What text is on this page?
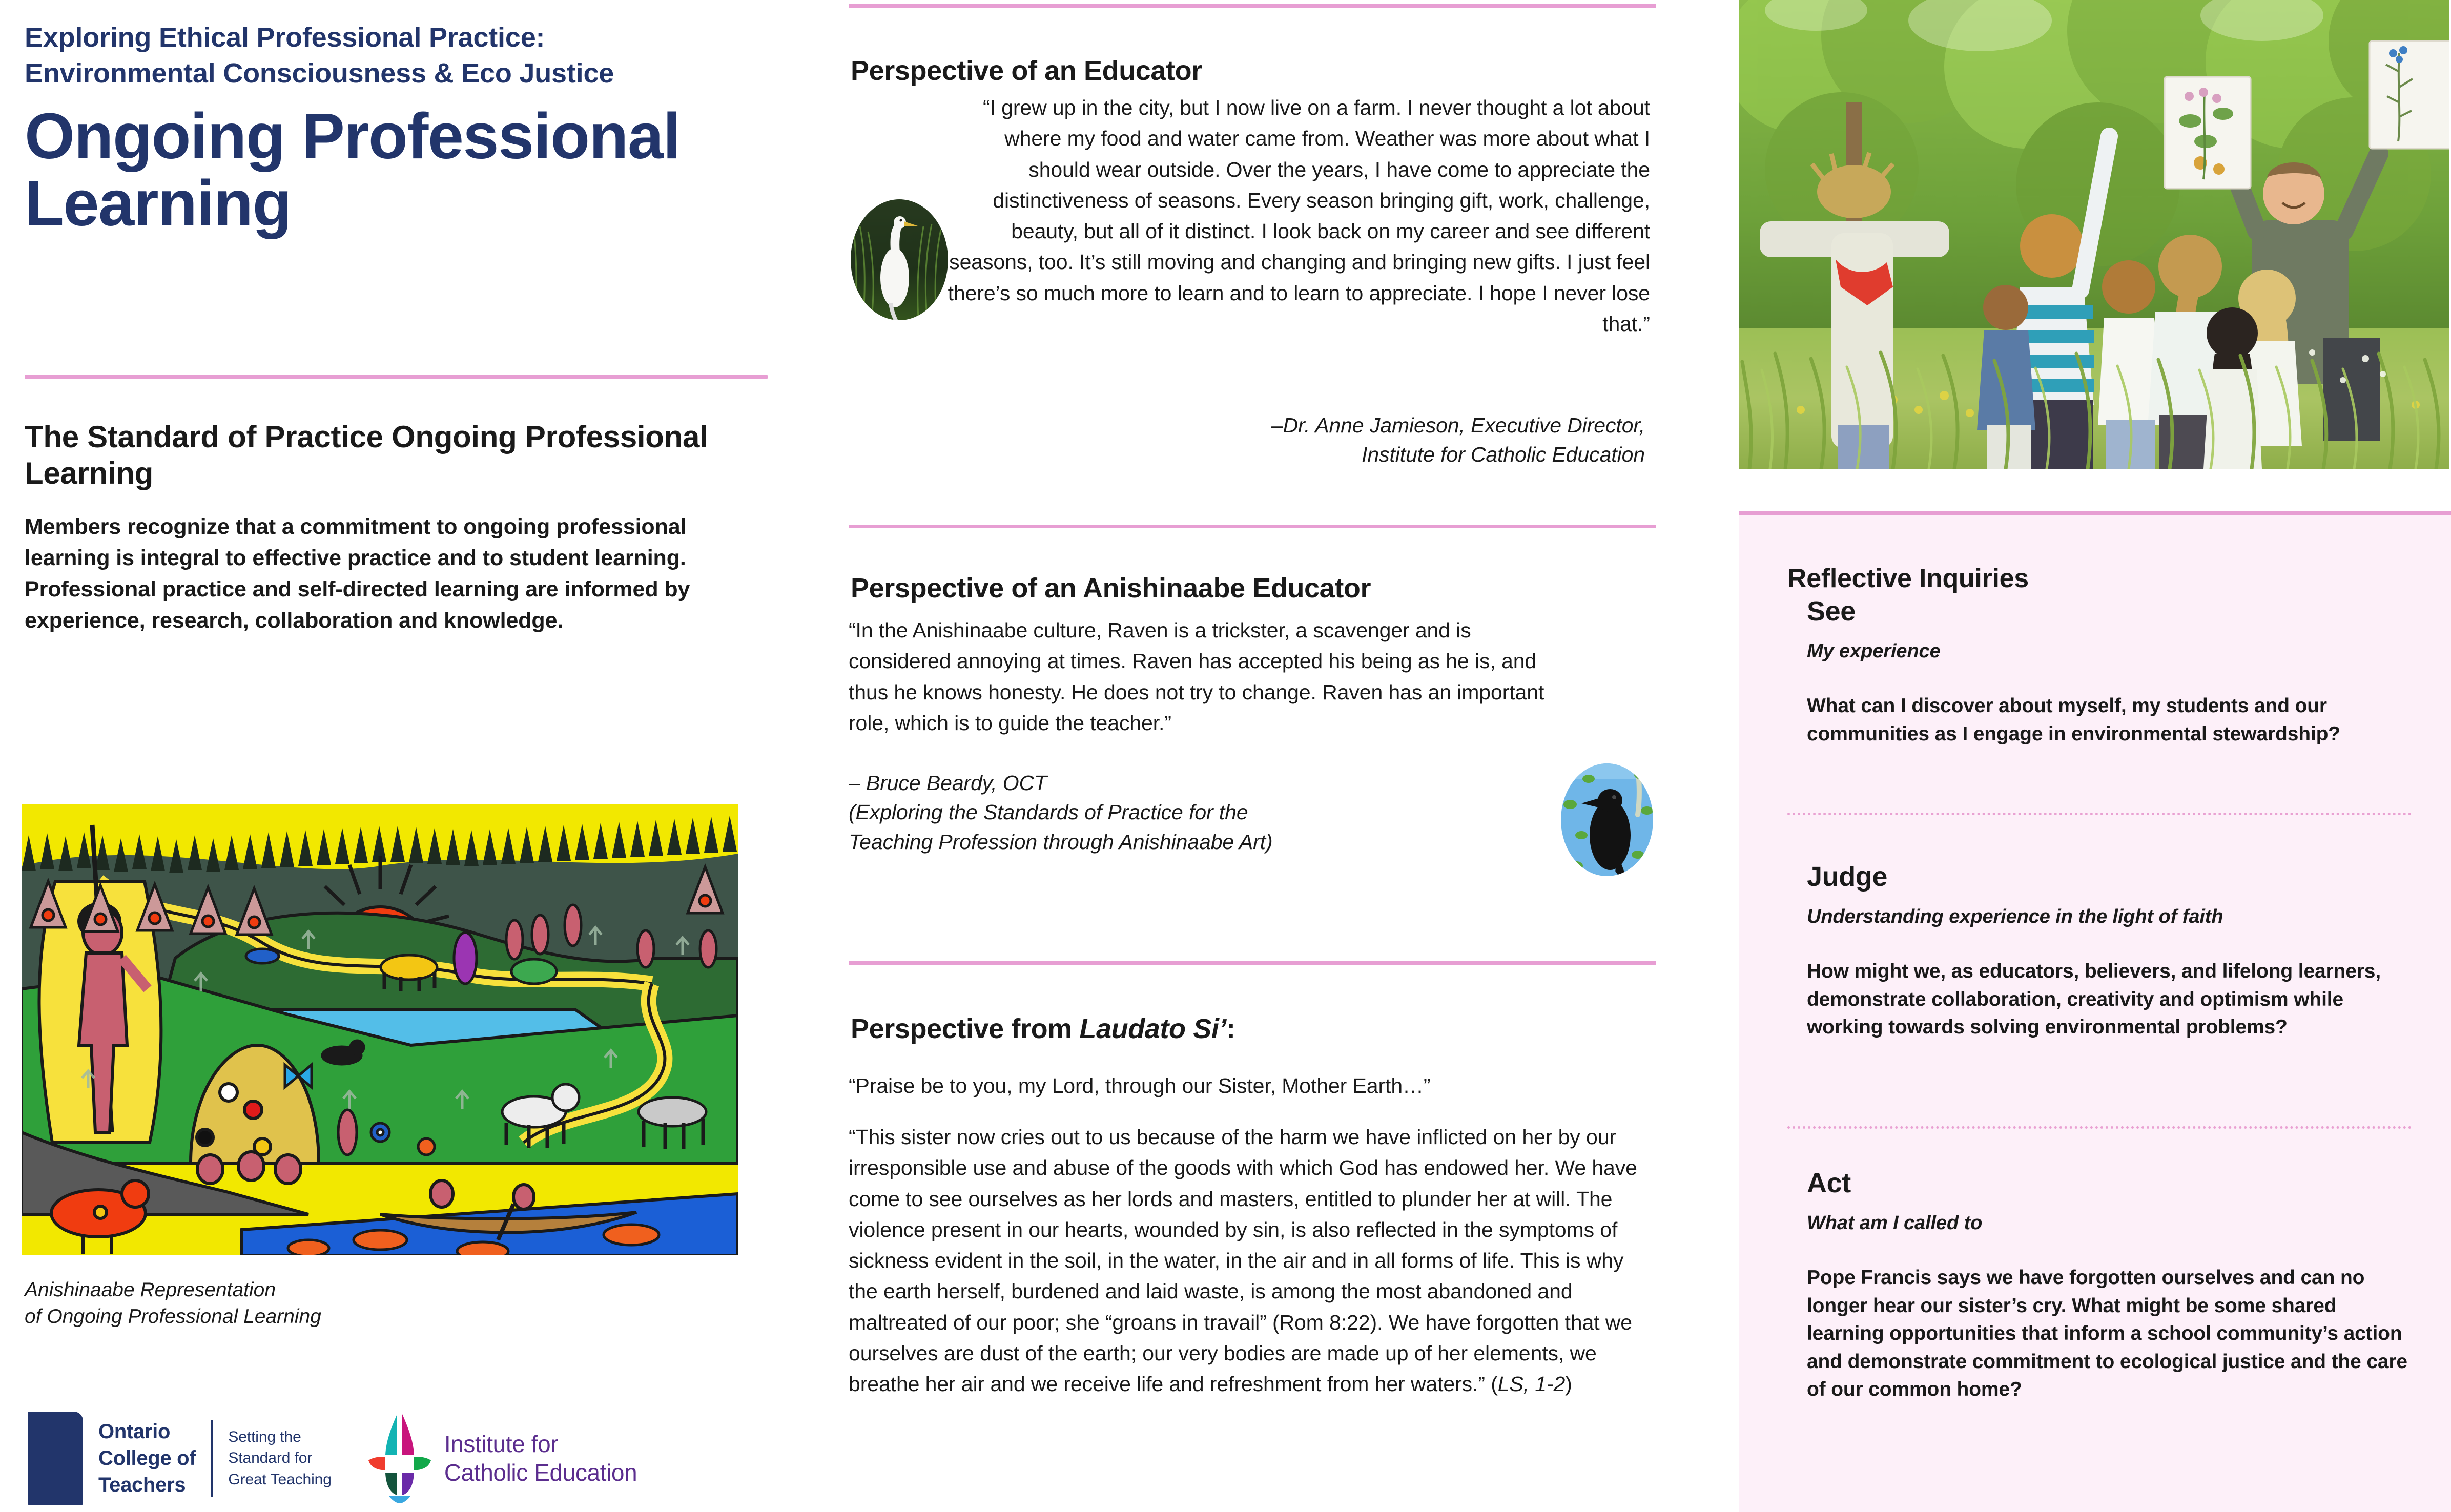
Exploring Ethical Professional Practice:
Environmental Consciousness & Eco Justice
Ongoing Professional Learning
The Standard of Practice Ongoing Professional Learning

Members recognize that a commitment to ongoing professional learning is integral to effective practice and to student learning. Professional practice and self-directed learning are informed by experience, research, collaboration and knowledge.

Anishinaabe Representation
of Ongoing Professional Learning
Ontario
College of
Teachers
Setting the
Standard for
Great Teaching
Institute for
Catholic Education
Perspective of an Educator
“I grew up in the city, but I now live on a farm. I never thought a lot about where my food and water came from. Weather was more about what I should wear outside. Over the years, I have come to appreciate the distinctiveness of seasons. Every season bringing gift, work, challenge, beauty, but all of it distinct. I look back on my career and see different seasons, too. It’s still moving and changing and bringing new gifts. I just feel there’s so much more to learn and to learn to appreciate. I hope I never lose that.”
–Dr. Anne Jamieson, Executive Director,
Institute for Catholic Education
Perspective of an Anishinaabe Educator
“In the Anishinaabe culture, Raven is a trickster, a scavenger and is considered annoying at times. Raven has accepted his being as he is, and thus he knows honesty. He does not try to change. Raven has an important role, which is to guide the teacher.”
– Bruce Beardy, OCT
(Exploring the Standards of Practice for the
Teaching Profession through Anishinaabe Art)
Perspective from Laudato Si’:

“Praise be to you, my Lord, through our Sister, Mother Earth…”

“This sister now cries out to us because of the harm we have inflicted on her by our irresponsible use and abuse of the goods with which God has endowed her. We have come to see ourselves as her lords and masters, entitled to plunder her at will. The violence present in our hearts, wounded by sin, is also reflected in the symptoms of sickness evident in the soil, in the water, in the air and in all forms of life. This is why the earth herself, burdened and laid waste, is among the most abandoned and maltreated of our poor; she “groans in travail” (Rom 8:22). We have forgotten that we ourselves are dust of the earth; our very bodies are made up of her elements, we breathe her air and we receive life and refreshment from her waters.” (LS, 1-2)

Reflective Inquiries
See
My experience

What can I discover about myself, my students and our communities as I engage in environmental stewardship?

Judge
Understanding experience in the light of faith

How might we, as educators, believers, and lifelong learners, demonstrate collaboration, creativity and optimism while working towards solving environmental problems?

Act
What am I called to

Pope Francis says we have forgotten ourselves and can no longer hear our sister’s cry. What might be some shared learning opportunities that inform a school community’s action and demonstrate commitment to ecological justice and the care of our common home?
